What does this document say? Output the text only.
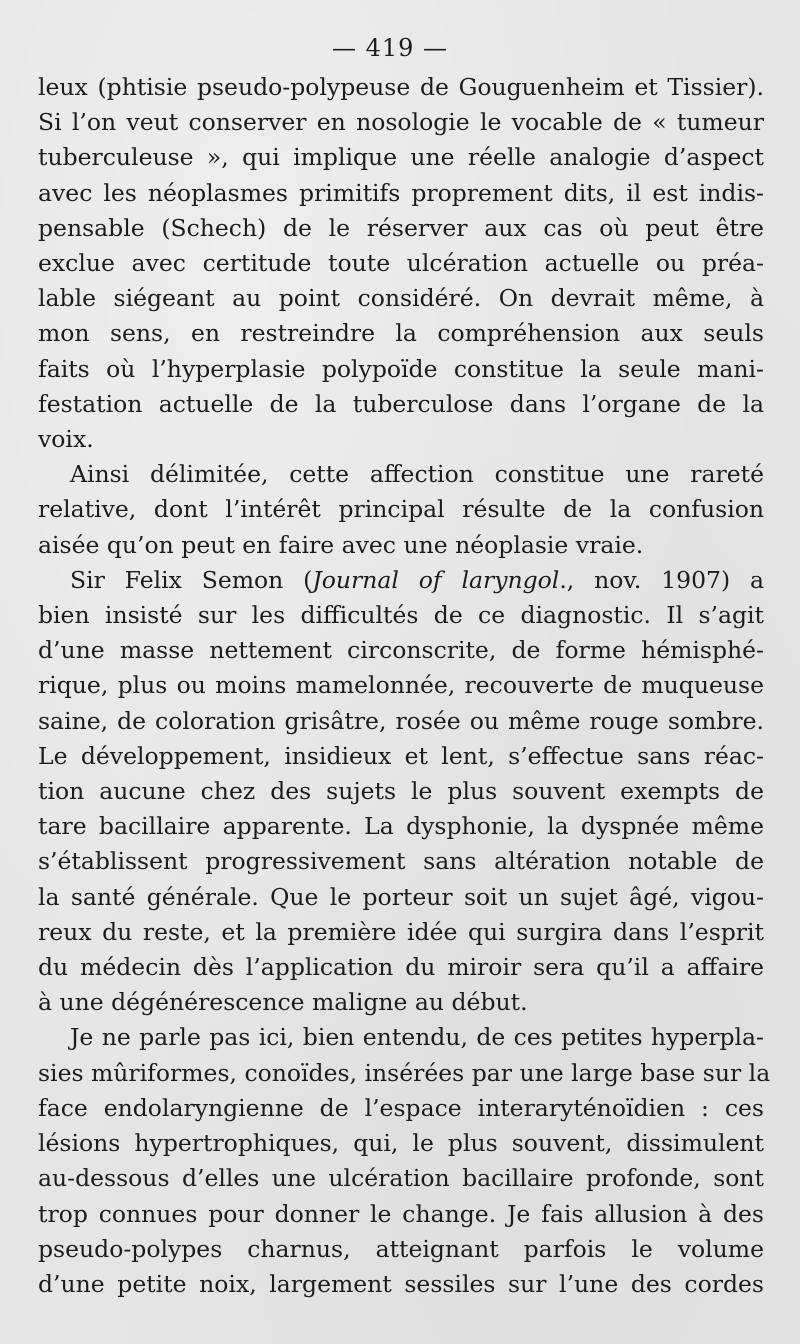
— 419 —

leux (phtisie pseudo-polypeuse de Gouguenheim et Tissier).
Si l’on veut conserver en nosologie le vocable de « tumeur
tuberculeuse », qui implique une réelle analogie d’aspect
avec les néoplasmes primitifs proprement dits, il est indis-
pensable (Schech) de le réserver aux cas où peut être
exclue avec certitude toute ulcération actuelle ou préa-
lable siégeant au point considéré. On devrait même, à
mon sens, en restreindre la compréhension aux seuls
faits où l’hyperplasie polypoïde constitue la seule mani-
festation actuelle de la tuberculose dans l’organe de la
voix.

Ainsi délimitée, cette affection constitue une rareté
relative, dont l’intérêt principal résulte de la confusion
aisée qu’on peut en faire avec une néoplasie vraie.

Sir Felix Semon (Journal of laryngol., nov. 1907) a
bien insisté sur les difficultés de ce diagnostic. Il s’agit
d’une masse nettement circonscrite, de forme hémisphé-
rique, plus ou moins mamelonnée, recouverte de muqueuse
saine, de coloration grisâtre, rosée ou même rouge sombre.
Le développement, insidieux et lent, s’effectue sans réac-
tion aucune chez des sujets le plus souvent exempts de
tare bacillaire apparente. La dysphonie, la dyspnée même
s’établissent progressivement sans altération notable de
la santé générale. Que le porteur soit un sujet âgé, vigou-
reux du reste, et la première idée qui surgira dans l’esprit
du médecin dès l’application du miroir sera qu’il a affaire
à une dégénérescence maligne au début.

Je ne parle pas ici, bien entendu, de ces petites hyperpla-
sies mûriformes, conoïdes, insérées par une large base sur la
face endolaryngienne de l’espace interaryténoïdien : ces
lésions hypertrophiques, qui, le plus souvent, dissimulent
au-dessous d’elles une ulcération bacillaire profonde, sont
trop connues pour donner le change. Je fais allusion à des
pseudo-polypes charnus, atteignant parfois le volume
d’une petite noix, largement sessiles sur l’une des cordes
